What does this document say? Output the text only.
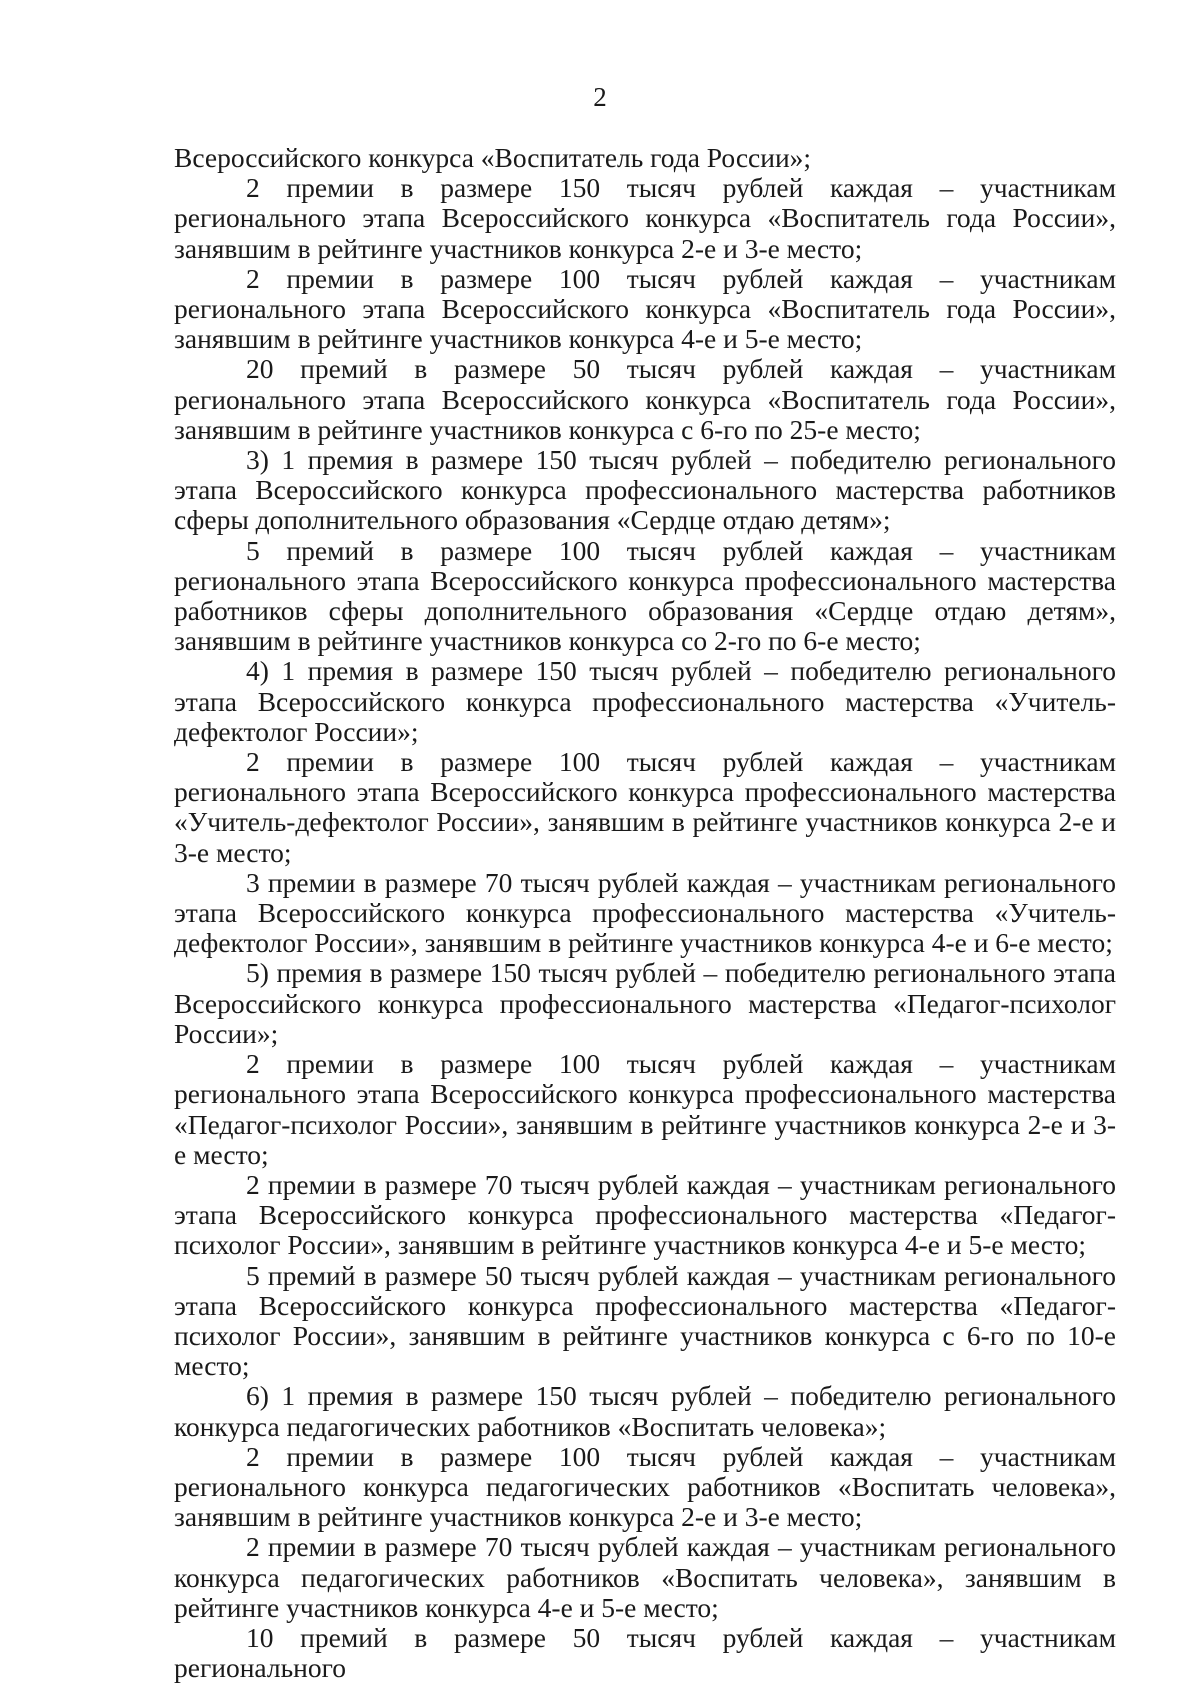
2

Всероссийского конкурса «Воспитатель года России»;

2 премии в размере 150 тысяч рублей каждая – участникам регионального этапа Всероссийского конкурса «Воспитатель года России», занявшим в рейтинге участников конкурса 2-е и 3-е место;

2 премии в размере 100 тысяч рублей каждая – участникам регионального этапа Всероссийского конкурса «Воспитатель года России», занявшим в рейтинге участников конкурса 4-е и 5-е место;

20 премий в размере 50 тысяч рублей каждая – участникам регионального этапа Всероссийского конкурса «Воспитатель года России», занявшим в рейтинге участников конкурса с 6-го по 25-е место;

3) 1 премия в размере 150 тысяч рублей – победителю регионального этапа Всероссийского конкурса профессионального мастерства работников сферы дополнительного образования «Сердце отдаю детям»;

5 премий в размере 100 тысяч рублей каждая – участникам регионального этапа Всероссийского конкурса профессионального мастерства работников сферы дополнительного образования «Сердце отдаю детям», занявшим в рейтинге участников конкурса со 2-го по 6-е место;

4) 1 премия в размере 150 тысяч рублей – победителю регионального этапа Всероссийского конкурса профессионального мастерства «Учитель-дефектолог России»;

2 премии в размере 100 тысяч рублей каждая – участникам регионального этапа Всероссийского конкурса профессионального мастерства «Учитель-дефектолог России», занявшим в рейтинге участников конкурса 2-е и 3-е место;

3 премии в размере 70 тысяч рублей каждая – участникам регионального этапа Всероссийского конкурса профессионального мастерства «Учитель-дефектолог России», занявшим в рейтинге участников конкурса 4-е и 6-е место;

5) премия в размере 150 тысяч рублей – победителю регионального этапа Всероссийского конкурса профессионального мастерства «Педагог-психолог России»;

2 премии в размере 100 тысяч рублей каждая – участникам регионального этапа Всероссийского конкурса профессионального мастерства «Педагог-психолог России», занявшим в рейтинге участников конкурса 2-е и 3-е место;

2 премии в размере 70 тысяч рублей каждая – участникам регионального этапа Всероссийского конкурса профессионального мастерства «Педагог-психолог России», занявшим в рейтинге участников конкурса 4-е и 5-е место;

5 премий в размере 50 тысяч рублей каждая – участникам регионального этапа Всероссийского конкурса профессионального мастерства «Педагог-психолог России», занявшим в рейтинге участников конкурса с 6-го по 10-е место;

6) 1 премия в размере 150 тысяч рублей – победителю регионального конкурса педагогических работников «Воспитать человека»;

2 премии в размере 100 тысяч рублей каждая – участникам регионального конкурса педагогических работников «Воспитать человека», занявшим в рейтинге участников конкурса 2-е и 3-е место;

2 премии в размере 70 тысяч рублей каждая – участникам регионального конкурса педагогических работников «Воспитать человека», занявшим в рейтинге участников конкурса 4-е и 5-е место;

10 премий в размере 50 тысяч рублей каждая – участникам регионального
